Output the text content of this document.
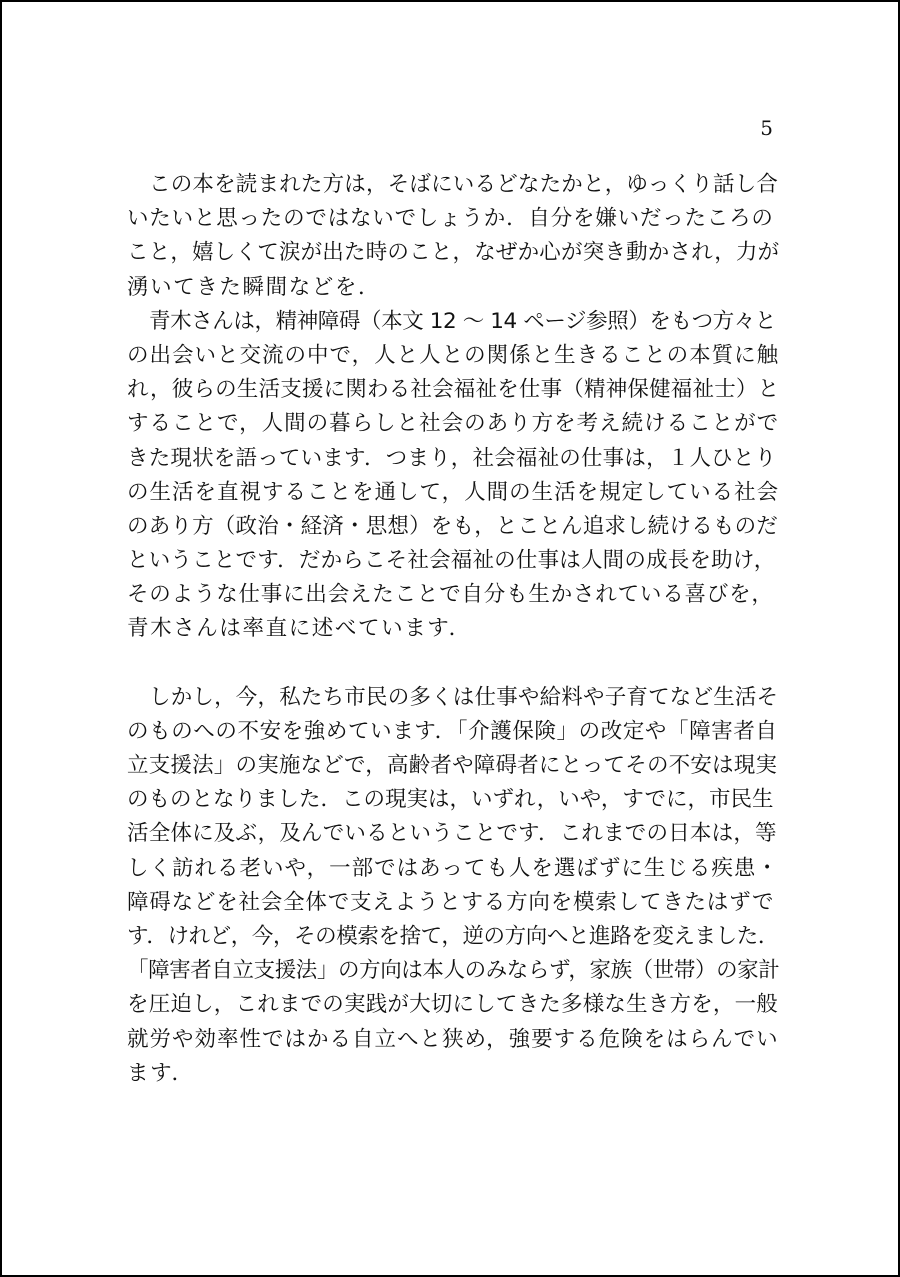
5
この本を読まれた方は，そばにいるどなたかと，ゆっくり話し合
いたいと思ったのではないでしょうか．自分を嫌いだったころの
こと，嬉しくて涙が出た時のこと，なぜか心が突き動かされ，力が
湧いてきた瞬間などを．
青木さんは，精神障碍（本文 12 ～ 14 ページ参照）をもつ方々と
の出会いと交流の中で，人と人との関係と生きることの本質に触
れ，彼らの生活支援に関わる社会福祉を仕事（精神保健福祉士）と
することで，人間の暮らしと社会のあり方を考え続けることがで
きた現状を語っています．つまり，社会福祉の仕事は，１人ひとり
の生活を直視することを通して，人間の生活を規定している社会
のあり方（政治・経済・思想）をも，とことん追求し続けるものだ
ということです．だからこそ社会福祉の仕事は人間の成長を助け，
そのような仕事に出会えたことで自分も生かされている喜びを，
青木さんは率直に述べています．
しかし，今，私たち市民の多くは仕事や給料や子育てなど生活そ
のものへの不安を強めています．「介護保険」の改定や「障害者自
立支援法」の実施などで，高齢者や障碍者にとってその不安は現実
のものとなりました．この現実は，いずれ，いや，すでに，市民生
活全体に及ぶ，及んでいるということです．これまでの日本は，等
しく訪れる老いや，一部ではあっても人を選ばずに生じる疾患・
障碍などを社会全体で支えようとする方向を模索してきたはずで
す．けれど，今，その模索を捨て，逆の方向へと進路を変えました．
「障害者自立支援法」の方向は本人のみならず，家族（世帯）の家計
を圧迫し，これまでの実践が大切にしてきた多様な生き方を，一般
就労や効率性ではかる自立へと狭め，強要する危険をはらんでい
ます．
